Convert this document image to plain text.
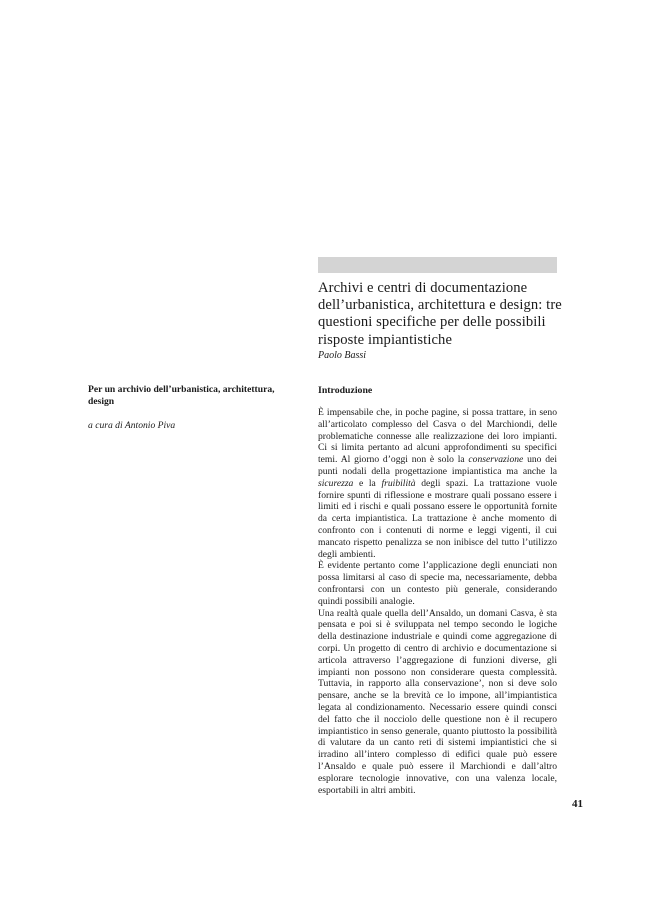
Archivi e centri di documentazione dell’urbanistica, architettura e design: tre questioni specifiche per delle possibili risposte impiantistiche
Paolo Bassi

Per un archivio dell’urbanistica, architettura, design

a cura di Antonio Piva
Introduzione

È impensabile che, in poche pagine, si possa trattare, in seno all’articolato complesso del Casva o del Marchiondi, delle problematiche connesse alle realizzazione dei loro impianti. Ci si limita pertanto ad alcuni approfondimenti su specifici temi. Al giorno d’oggi non è solo la conservazione uno dei punti nodali della progettazione impiantistica ma anche la sicurezza e la fruibilità degli spazi. La trattazione vuole fornire spunti di riflessione e mostrare quali possano essere i limiti ed i rischi e quali possano essere le opportunità fornite da certa impiantistica. La trattazione è anche momento di confronto con i contenuti di norme e leggi vigenti, il cui mancato rispetto penalizza se non inibisce del tutto l’utilizzo degli ambienti.

È evidente pertanto come l’applicazione degli enunciati non possa limitarsi al caso di specie ma, necessariamente, debba confrontarsi con un contesto più generale, considerando quindi possibili analogie.

Una realtà quale quella dell’Ansaldo, un domani Casva, è sta pensata e poi si è sviluppata nel tempo secondo le logiche della destinazione industriale e quindi come aggregazione di corpi. Un progetto di centro di archivio e documentazione si articola attraverso l’aggregazione di funzioni diverse, gli impianti non possono non considerare questa complessità. Tuttavia, in rapporto alla conservazione’, non si deve solo pensare, anche se la brevità ce lo impone, all’impiantistica legata al condizionamento. Necessario essere quindi consci del fatto che il nocciolo delle questione non è il recupero impiantistico in senso generale, quanto piuttosto la possibilità di valutare da un canto reti di sistemi impiantistici che si irradino all’intero complesso di edifici quale può essere l’Ansaldo e quale può essere il Marchiondi e dall’altro esplorare tecnologie innovative, con una valenza locale, esportabili in altri ambiti.

41
